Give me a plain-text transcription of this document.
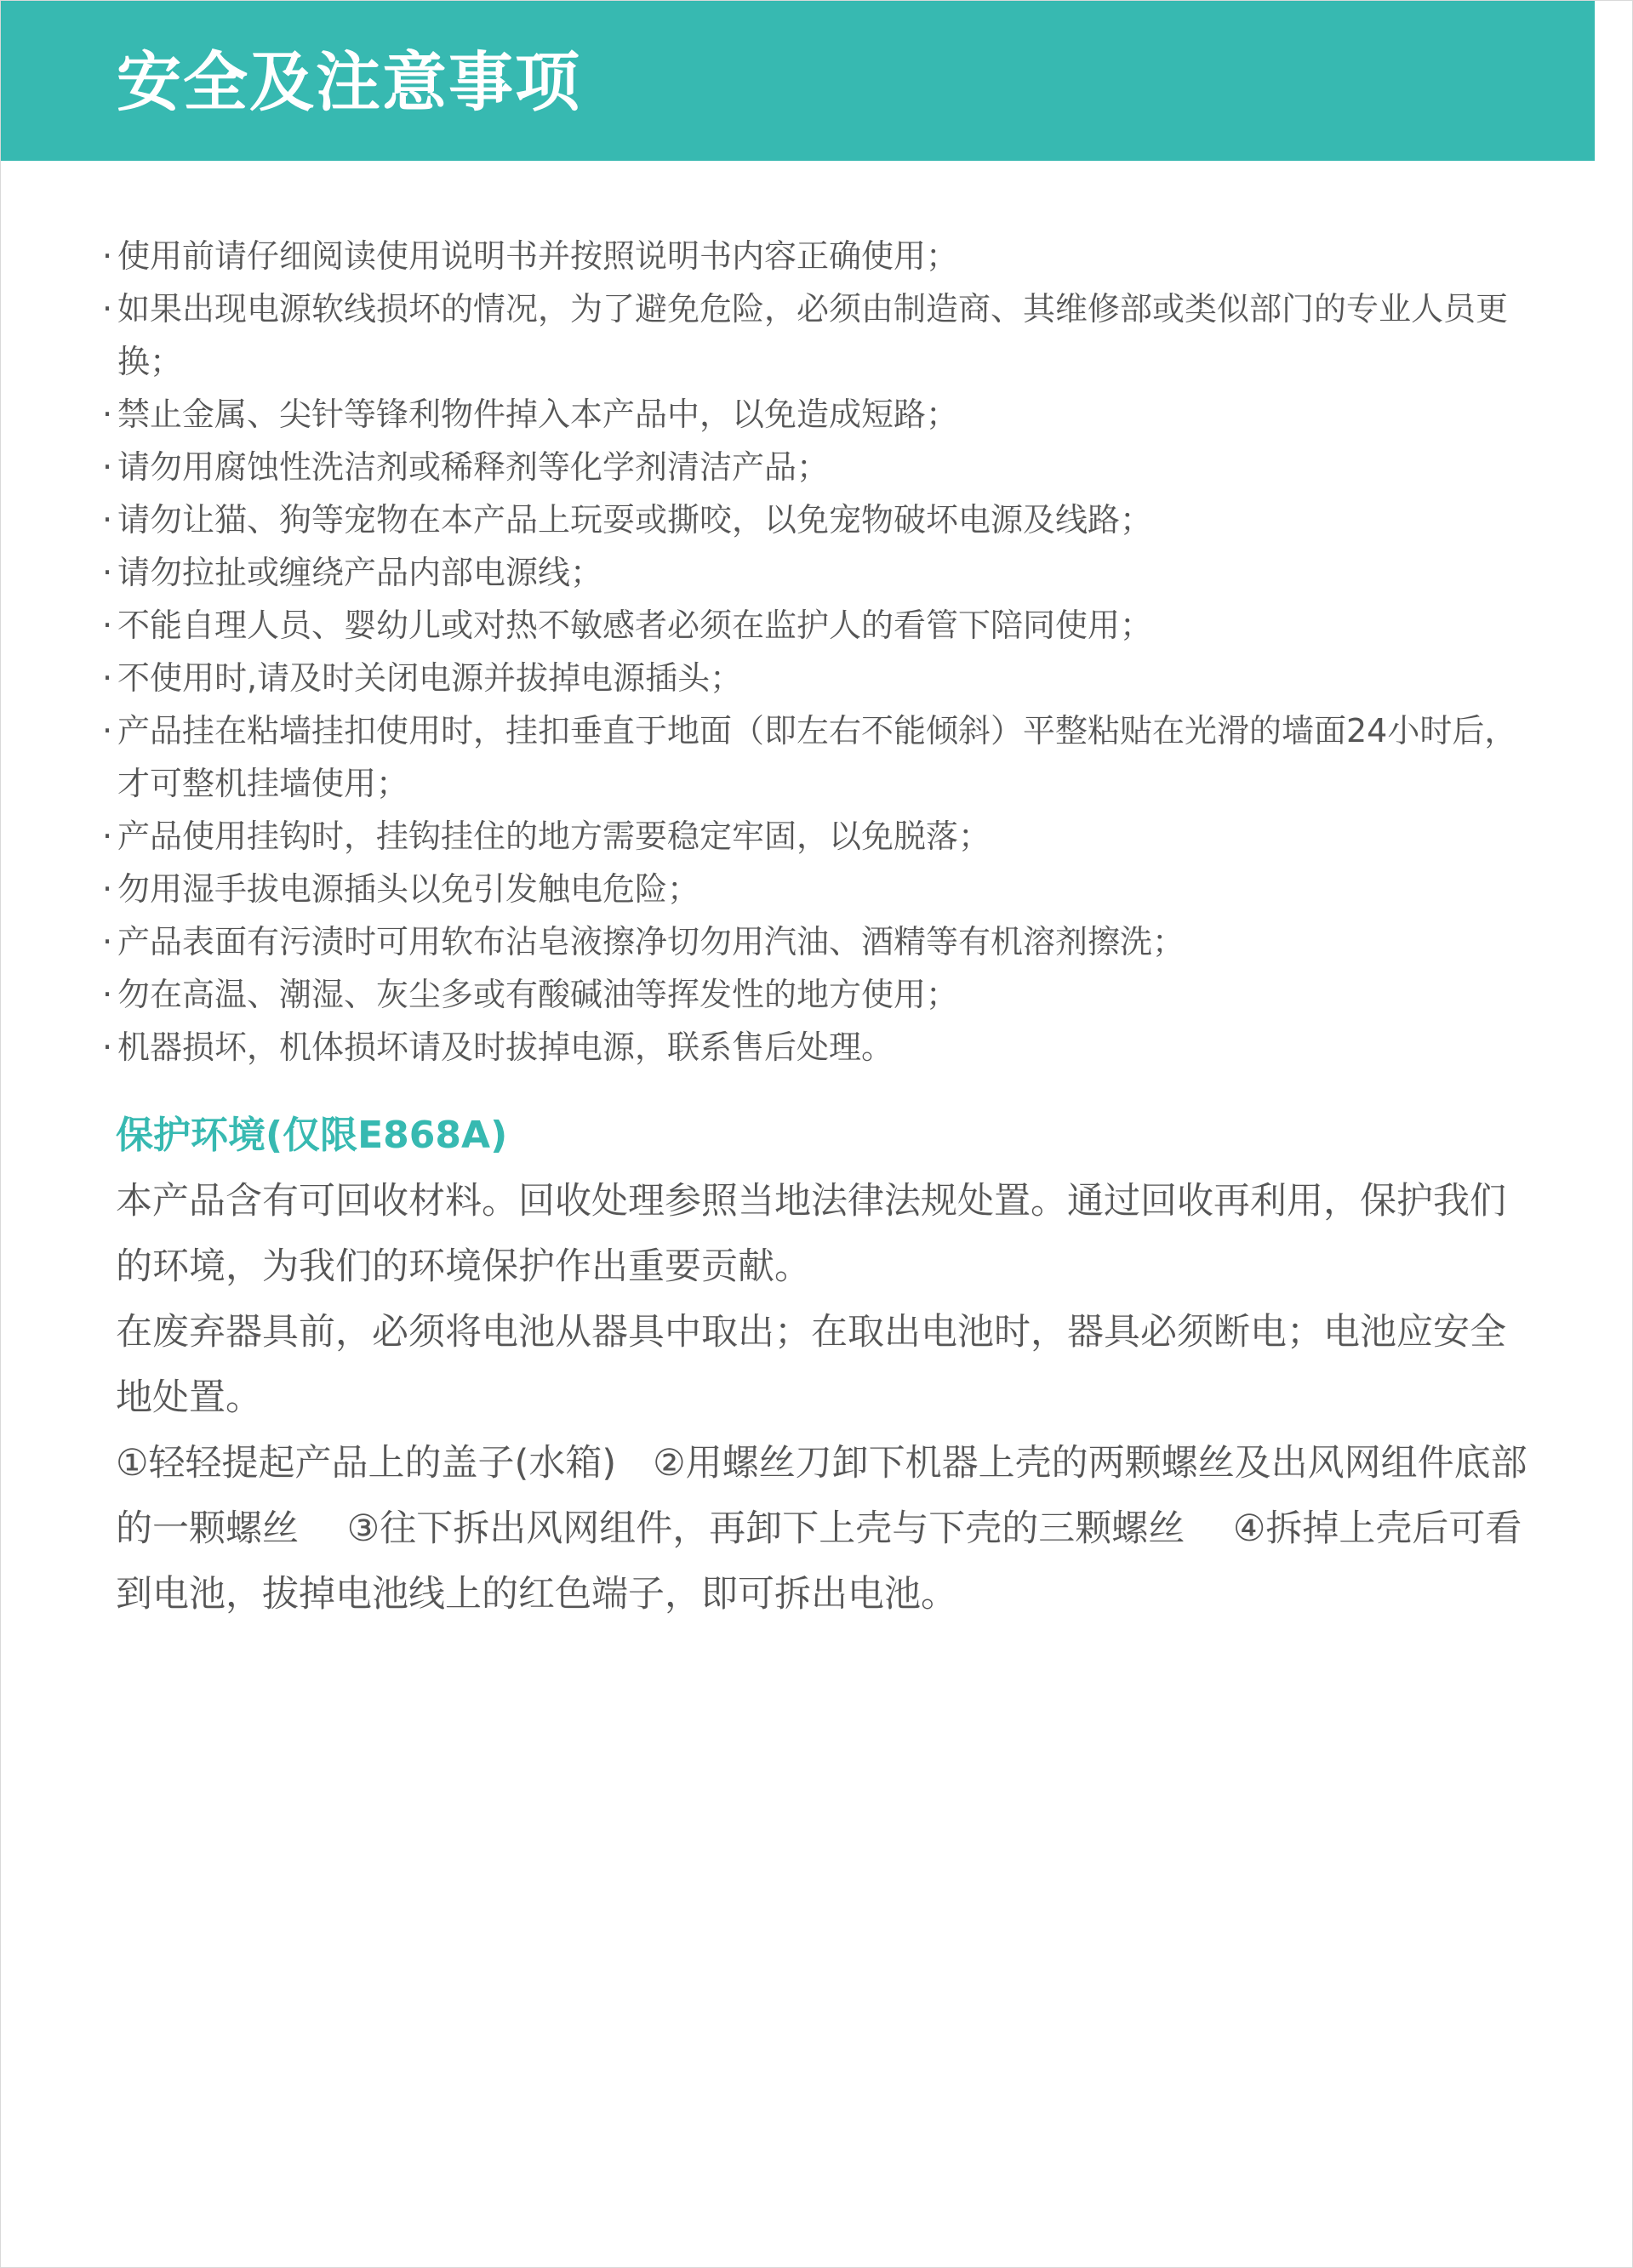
安全及注意事项
· 使用前请仔细阅读使用说明书并按照说明书内容正确使用；
· 如果出现电源软线损坏的情况，为了避免危险，必须由制造商、其维修部或类似部门的专业人员更换；
· 禁止金属、尖针等锋利物件掉入本产品中，以免造成短路；
· 请勿用腐蚀性洗洁剂或稀释剂等化学剂清洁产品；
· 请勿让猫、狗等宠物在本产品上玩耍或撕咬，以免宠物破坏电源及线路；
· 请勿拉扯或缠绕产品内部电源线；
· 不能自理人员、婴幼儿或对热不敏感者必须在监护人的看管下陪同使用；
· 不使用时,请及时关闭电源并拔掉电源插头；
· 产品挂在粘墙挂扣使用时，挂扣垂直于地面（即左右不能倾斜）平整粘贴在光滑的墙面24小时后，才可整机挂墙使用；
· 产品使用挂钩时，挂钩挂住的地方需要稳定牢固，以免脱落；
· 勿用湿手拔电源插头以免引发触电危险；
· 产品表面有污渍时可用软布沾皂液擦净切勿用汽油、酒精等有机溶剂擦洗；
· 勿在高温、潮湿、灰尘多或有酸碱油等挥发性的地方使用；
· 机器损坏，机体损坏请及时拔掉电源，联系售后处理。
保护环境(仅限E868A)

本产品含有可回收材料。回收处理参照当地法律法规处置。通过回收再利用，保护我们的环境，为我们的环境保护作出重要贡献。

在废弃器具前，必须将电池从器具中取出；在取出电池时，器具必须断电；电池应安全地处置。

①轻轻提起产品上的盖子(水箱)　②用螺丝刀卸下机器上壳的两颗螺丝及出风网组件底部的一颗螺丝　 ③往下拆出风网组件，再卸下上壳与下壳的三颗螺丝　 ④拆掉上壳后可看到电池，拔掉电池线上的红色端子，即可拆出电池。
